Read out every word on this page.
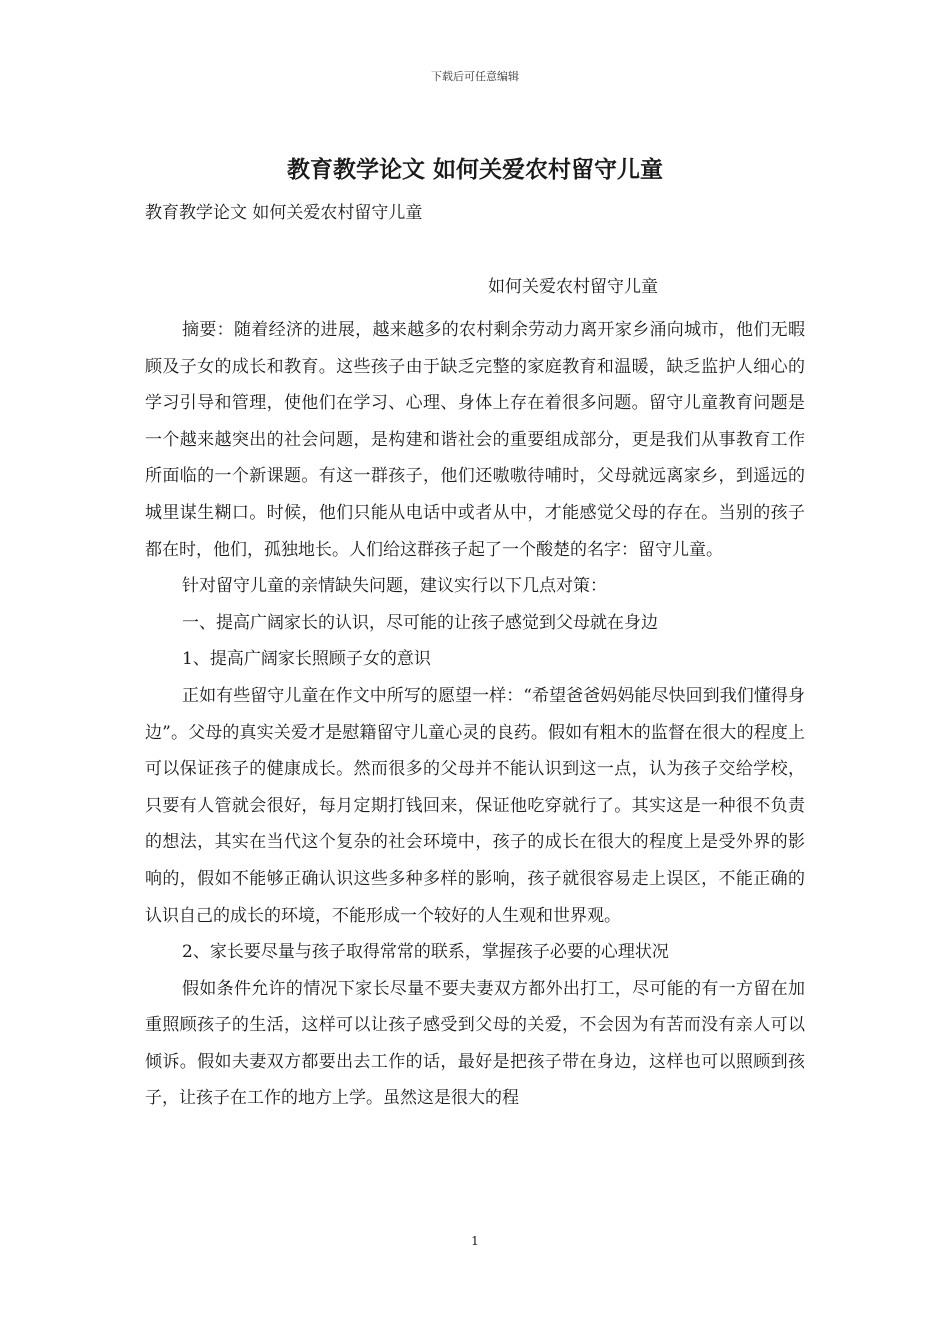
下载后可任意编辑
教育教学论文 如何关爱农村留守儿童
教育教学论文 如何关爱农村留守儿童
如何关爱农村留守儿童

摘要：随着经济的进展，越来越多的农村剩余劳动力离开家乡涌向城市，他们无暇顾及子女的成长和教育。这些孩子由于缺乏完整的家庭教育和温暖，缺乏监护人细心的学习引导和管理，使他们在学习、心理、身体上存在着很多问题。留守儿童教育问题是一个越来越突出的社会问题，是构建和谐社会的重要组成部分，更是我们从事教育工作所面临的一个新课题。有这一群孩子，他们还嗷嗷待哺时，父母就远离家乡，到遥远的城里谋生糊口。时候，他们只能从电话中或者从中，才能感觉父母的存在。当别的孩子都在时，他们，孤独地长。人们给这群孩子起了一个酸楚的名字：留守儿童。

针对留守儿童的亲情缺失问题，建议实行以下几点对策：

一、提高广阔家长的认识，尽可能的让孩子感觉到父母就在身边

1、提高广阔家长照顾子女的意识

正如有些留守儿童在作文中所写的愿望一样：“希望爸爸妈妈能尽快回到我们懂得身边”。父母的真实关爱才是慰籍留守儿童心灵的良药。假如有粗木的监督在很大的程度上可以保证孩子的健康成长。然而很多的父母并不能认识到这一点，认为孩子交给学校，只要有人管就会很好，每月定期打钱回来，保证他吃穿就行了。其实这是一种很不负责的想法，其实在当代这个复杂的社会环境中，孩子的成长在很大的程度上是受外界的影响的，假如不能够正确认识这些多种多样的影响，孩子就很容易走上误区，不能正确的认识自己的成长的环境，不能形成一个较好的人生观和世界观。

2、家长要尽量与孩子取得常常的联系，掌握孩子必要的心理状况

假如条件允许的情况下家长尽量不要夫妻双方都外出打工，尽可能的有一方留在加重照顾孩子的生活，这样可以让孩子感受到父母的关爱，不会因为有苦而没有亲人可以倾诉。假如夫妻双方都要出去工作的话，最好是把孩子带在身边，这样也可以照顾到孩子，让孩子在工作的地方上学。虽然这是很大的程

1
